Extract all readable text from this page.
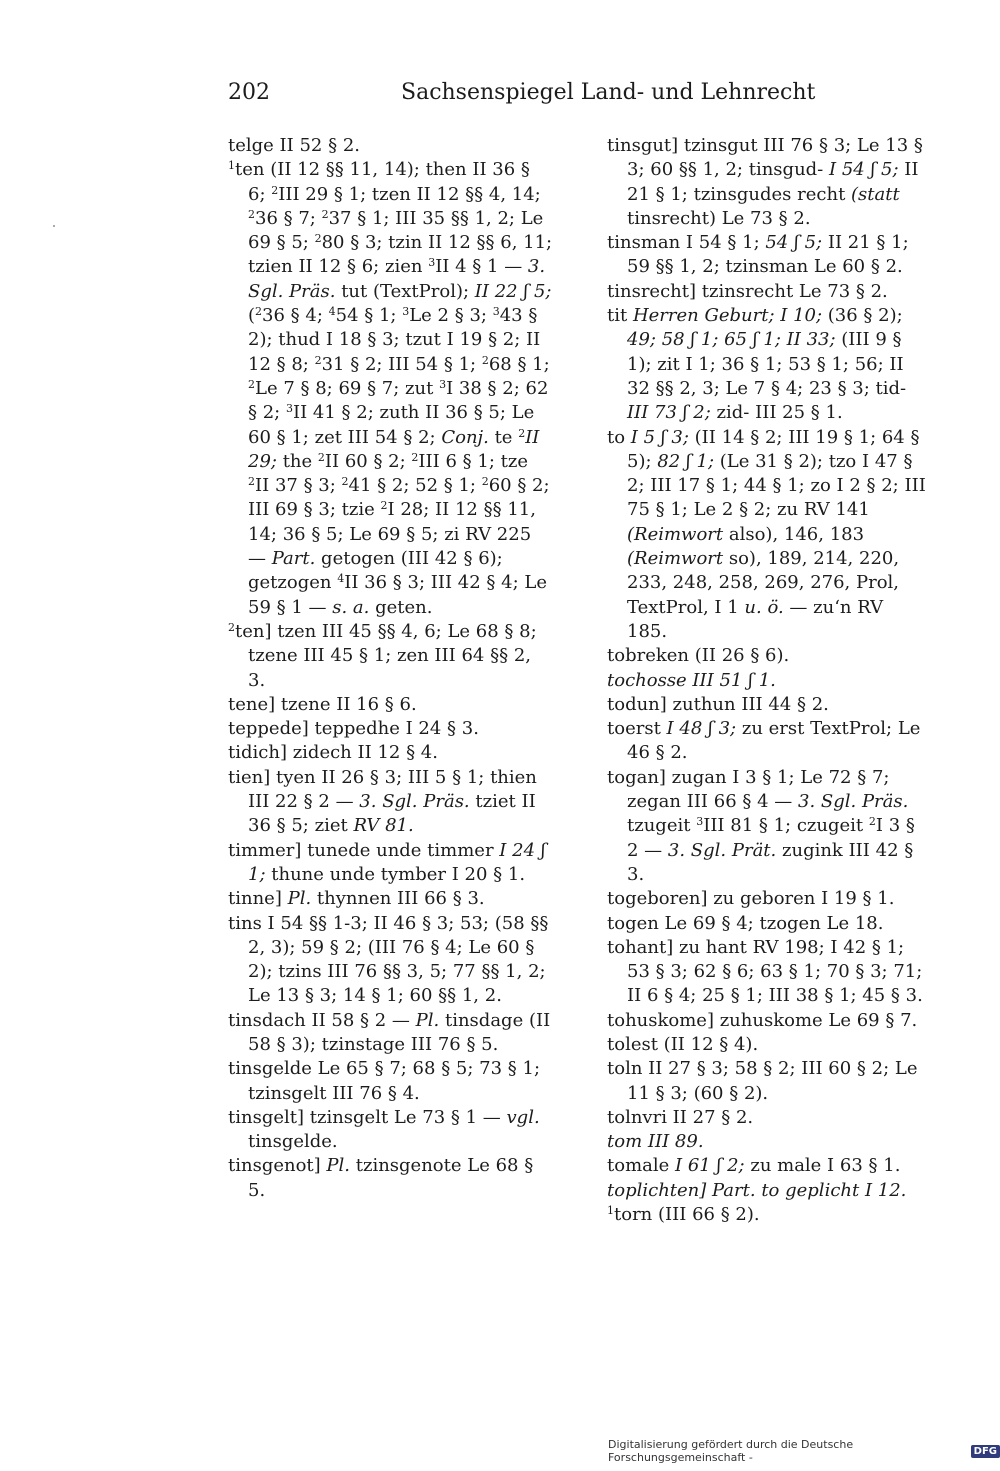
202	Sachsenspiegel Land- und Lehnrecht
telge II 52 § 2.
$^1$ten (II 12 §§ 11, 14); then II 36 § 6; $^2$III 29 § 1; tzen II 12 §§ 4, 14; $^2$36 § 7; $^2$37 § 1; III 35 §§ 1, 2; Le 69 § 5; $^2$80 § 3; tzin II 12 §§ 6, 11; tzien II 12 § 6; zien $^3$II 4 § 1 — 3. Sgl. Präs. tut (TextProl); II 22 ʃ 5; ($^2$36 § 4; $^4$54 § 1; $^3$Le 2 § 3; $^3$43 § 2); thud I 18 § 3; tzut I 19 § 2; II 12 § 8; $^2$31 § 2; III 54 § 1; $^2$68 § 1; $^2$Le 7 § 8; 69 § 7; zut $^3$I 38 § 2; 62 § 2; $^3$II 41 § 2; zuth II 36 § 5; Le 60 § 1; zet III 54 § 2; Conj. te $^2$II 29; the $^2$II 60 § 2; $^2$III 6 § 1; tze $^2$II 37 § 3; $^2$41 § 2; 52 § 1; $^2$60 § 2; III 69 § 3; tzie $^2$I 28; II 12 §§ 11, 14; 36 § 5; Le 69 § 5; zi RV 225 — Part. getogen (III 42 § 6); getzogen $^4$II 36 § 3; III 42 § 4; Le 59 § 1 — s. a. geten.
$^2$ten] tzen III 45 §§ 4, 6; Le 68 § 8; tzene III 45 § 1; zen III 64 §§ 2, 3.
tene] tzene II 16 § 6.
teppede] teppedhe I 24 § 3.
tidich] zidech II 12 § 4.
tien] tyen II 26 § 3; III 5 § 1; thien III 22 § 2 — 3. Sgl. Präs. tziet II 36 § 5; ziet RV 81.
timmer] tunede unde timmer I 24 ʃ 1; thune unde tymber I 20 § 1.
tinne] Pl. thynnen III 66 § 3.
tins I 54 §§ 1-3; II 46 § 3; 53; (58 §§ 2, 3); 59 § 2; (III 76 § 4; Le 60 § 2); tzins III 76 §§ 3, 5; 77 §§ 1, 2; Le 13 § 3; 14 § 1; 60 §§ 1, 2.
tinsdach II 58 § 2 — Pl. tinsdage (II 58 § 3); tzinstage III 76 § 5.
tinsgelde Le 65 § 7; 68 § 5; 73 § 1; tzinsgelt III 76 § 4.
tinsgelt] tzinsgelt Le 73 § 1 — vgl. tinsgelde.
tinsgenot] Pl. tzinsgenote Le 68 § 5.
tinsgut] tzinsgut III 76 § 3; Le 13 § 3; 60 §§ 1, 2; tinsgud- I 54 ʃ 5; II 21 § 1; tzinsgudes recht (statt tinsrecht) Le 73 § 2.
tinsman I 54 § 1; 54 ʃ 5; II 21 § 1; 59 §§ 1, 2; tzinsman Le 60 § 2.
tinsrecht] tzinsrecht Le 73 § 2.
tit Herren Geburt; I 10; (36 § 2); 49; 58 ʃ 1; 65 ʃ 1; II 33; (III 9 § 1); zit I 1; 36 § 1; 53 § 1; 56; II 32 §§ 2, 3; Le 7 § 4; 23 § 3; tid- III 73 ʃ 2; zid- III 25 § 1.
to I 5 ʃ 3; (II 14 § 2; III 19 § 1; 64 § 5); 82 ʃ 1; (Le 31 § 2); tzo I 47 § 2; III 17 § 1; 44 § 1; zo I 2 § 2; III 75 § 1; Le 2 § 2; zu RV 141 (Reimwort also), 146, 183 (Reimwort so), 189, 214, 220, 233, 248, 258, 269, 276, Prol, TextProl, I 1 u. ö. — zu‘n RV 185.
tobreken (II 26 § 6).
tochosse III 51 ʃ 1.
todun] zuthun III 44 § 2.
toerst I 48 ʃ 3; zu erst TextProl; Le 46 § 2.
togan] zugan I 3 § 1; Le 72 § 7; zegan III 66 § 4 — 3. Sgl. Präs. tzugeit $^3$III 81 § 1; czugeit $^2$I 3 § 2 — 3. Sgl. Prät. zugink III 42 § 3.
togeboren] zu geboren I 19 § 1.
togen Le 69 § 4; tzogen Le 18.
tohant] zu hant RV 198; I 42 § 1; 53 § 3; 62 § 6; 63 § 1; 70 § 3; 71; II 6 § 4; 25 § 1; III 38 § 1; 45 § 3.
tohuskome] zuhuskome Le 69 § 7.
tolest (II 12 § 4).
toln II 27 § 3; 58 § 2; III 60 § 2; Le 11 § 3; (60 § 2).
tolnvri II 27 § 2.
tom III 89.
tomale I 61 ʃ 2; zu male I 63 § 1.
toplichten] Part. to geplicht I 12.
$^1$torn (III 66 § 2).
Digitalisierung gefördert durch die Deutsche Forschungsgemeinschaft -	DFG
